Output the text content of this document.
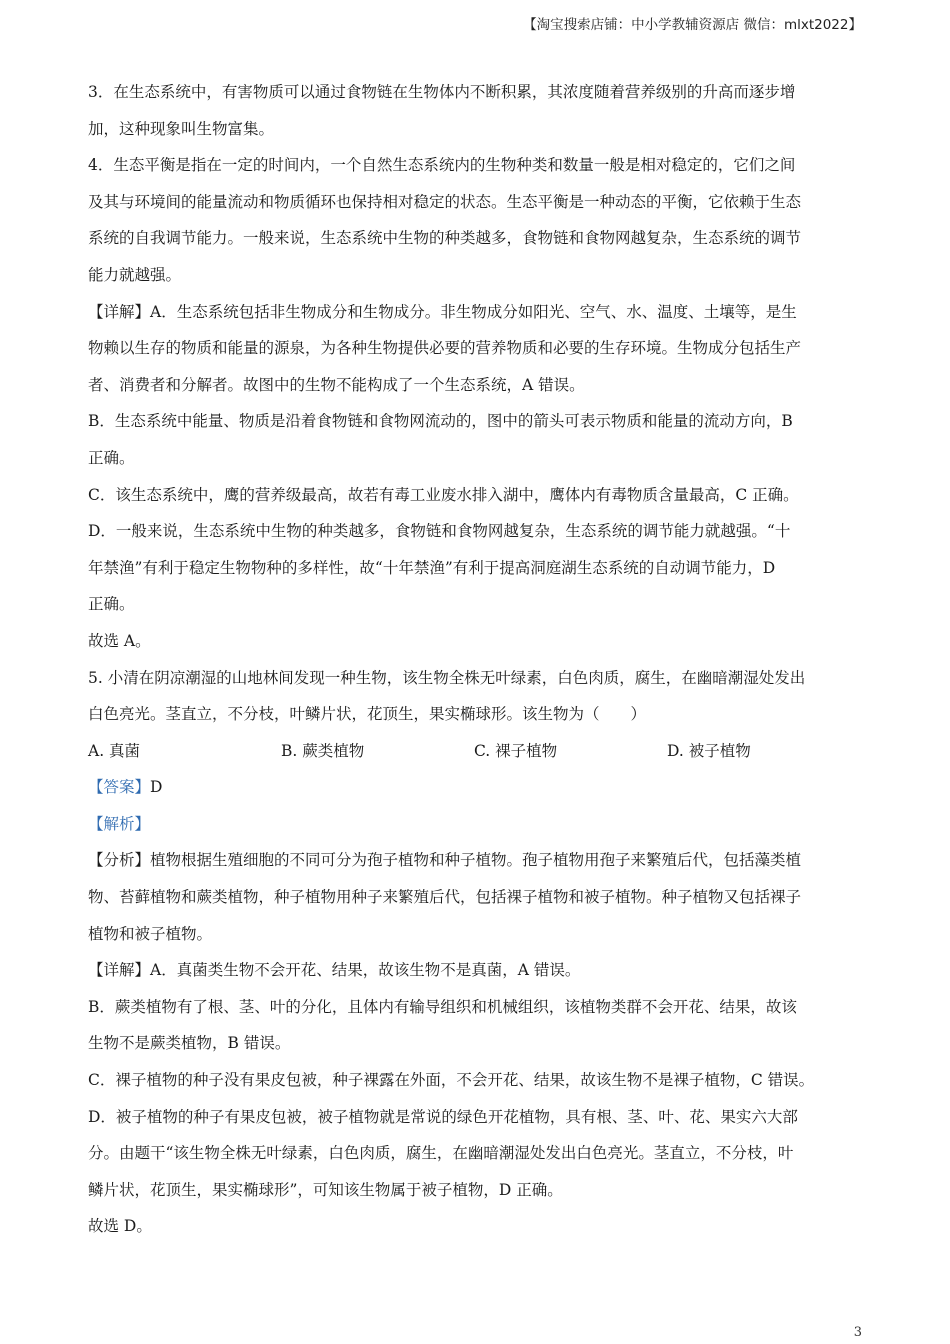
【淘宝搜索店铺：中小学教辅资源店 微信：mlxt2022】
3．在生态系统中，有害物质可以通过食物链在生物体内不断积累，其浓度随着营养级别的升高而逐步增
加，这种现象叫生物富集。
4．生态平衡是指在一定的时间内，一个自然生态系统内的生物种类和数量一般是相对稳定的，它们之间
及其与环境间的能量流动和物质循环也保持相对稳定的状态。生态平衡是一种动态的平衡，它依赖于生态
系统的自我调节能力。一般来说，生态系统中生物的种类越多，食物链和食物网越复杂，生态系统的调节
能力就越强。
【详解】A．生态系统包括非生物成分和生物成分。非生物成分如阳光、空气、水、温度、土壤等，是生
物赖以生存的物质和能量的源泉，为各种生物提供必要的营养物质和必要的生存环境。生物成分包括生产
者、消费者和分解者。故图中的生物不能构成了一个生态系统，A 错误。
B．生态系统中能量、物质是沿着食物链和食物网流动的，图中的箭头可表示物质和能量的流动方向，B
正确。
C．该生态系统中，鹰的营养级最高，故若有毒工业废水排入湖中，鹰体内有毒物质含量最高，C 正确。
D．一般来说，生态系统中生物的种类越多，食物链和食物网越复杂，生态系统的调节能力就越强。“十
年禁渔”有利于稳定生物物种的多样性，故“十年禁渔”有利于提高洞庭湖生态系统的自动调节能力，D
正确。
故选 A。
5. 小清在阴凉潮湿的山地林间发现一种生物，该生物全株无叶绿素，白色肉质，腐生，在幽暗潮湿处发出
白色亮光。茎直立，不分枝，叶鳞片状，花顶生，果实椭球形。该生物为（　　）
A. 真菌	B. 蕨类植物	C. 裸子植物	D. 被子植物
【答案】D
【解析】
【分析】植物根据生殖细胞的不同可分为孢子植物和种子植物。孢子植物用孢子来繁殖后代，包括藻类植
物、苔藓植物和蕨类植物，种子植物用种子来繁殖后代，包括裸子植物和被子植物。种子植物又包括裸子
植物和被子植物。
【详解】A．真菌类生物不会开花、结果，故该生物不是真菌，A 错误。
B．蕨类植物有了根、茎、叶的分化，且体内有输导组织和机械组织，该植物类群不会开花、结果，故该
生物不是蕨类植物，B 错误。
C．裸子植物的种子没有果皮包被，种子裸露在外面，不会开花、结果，故该生物不是裸子植物，C 错误。
D．被子植物的种子有果皮包被，被子植物就是常说的绿色开花植物，具有根、茎、叶、花、果实六大部
分。由题干“该生物全株无叶绿素，白色肉质，腐生，在幽暗潮湿处发出白色亮光。茎直立，不分枝，叶
鳞片状，花顶生，果实椭球形”，可知该生物属于被子植物，D 正确。
故选 D。
3
